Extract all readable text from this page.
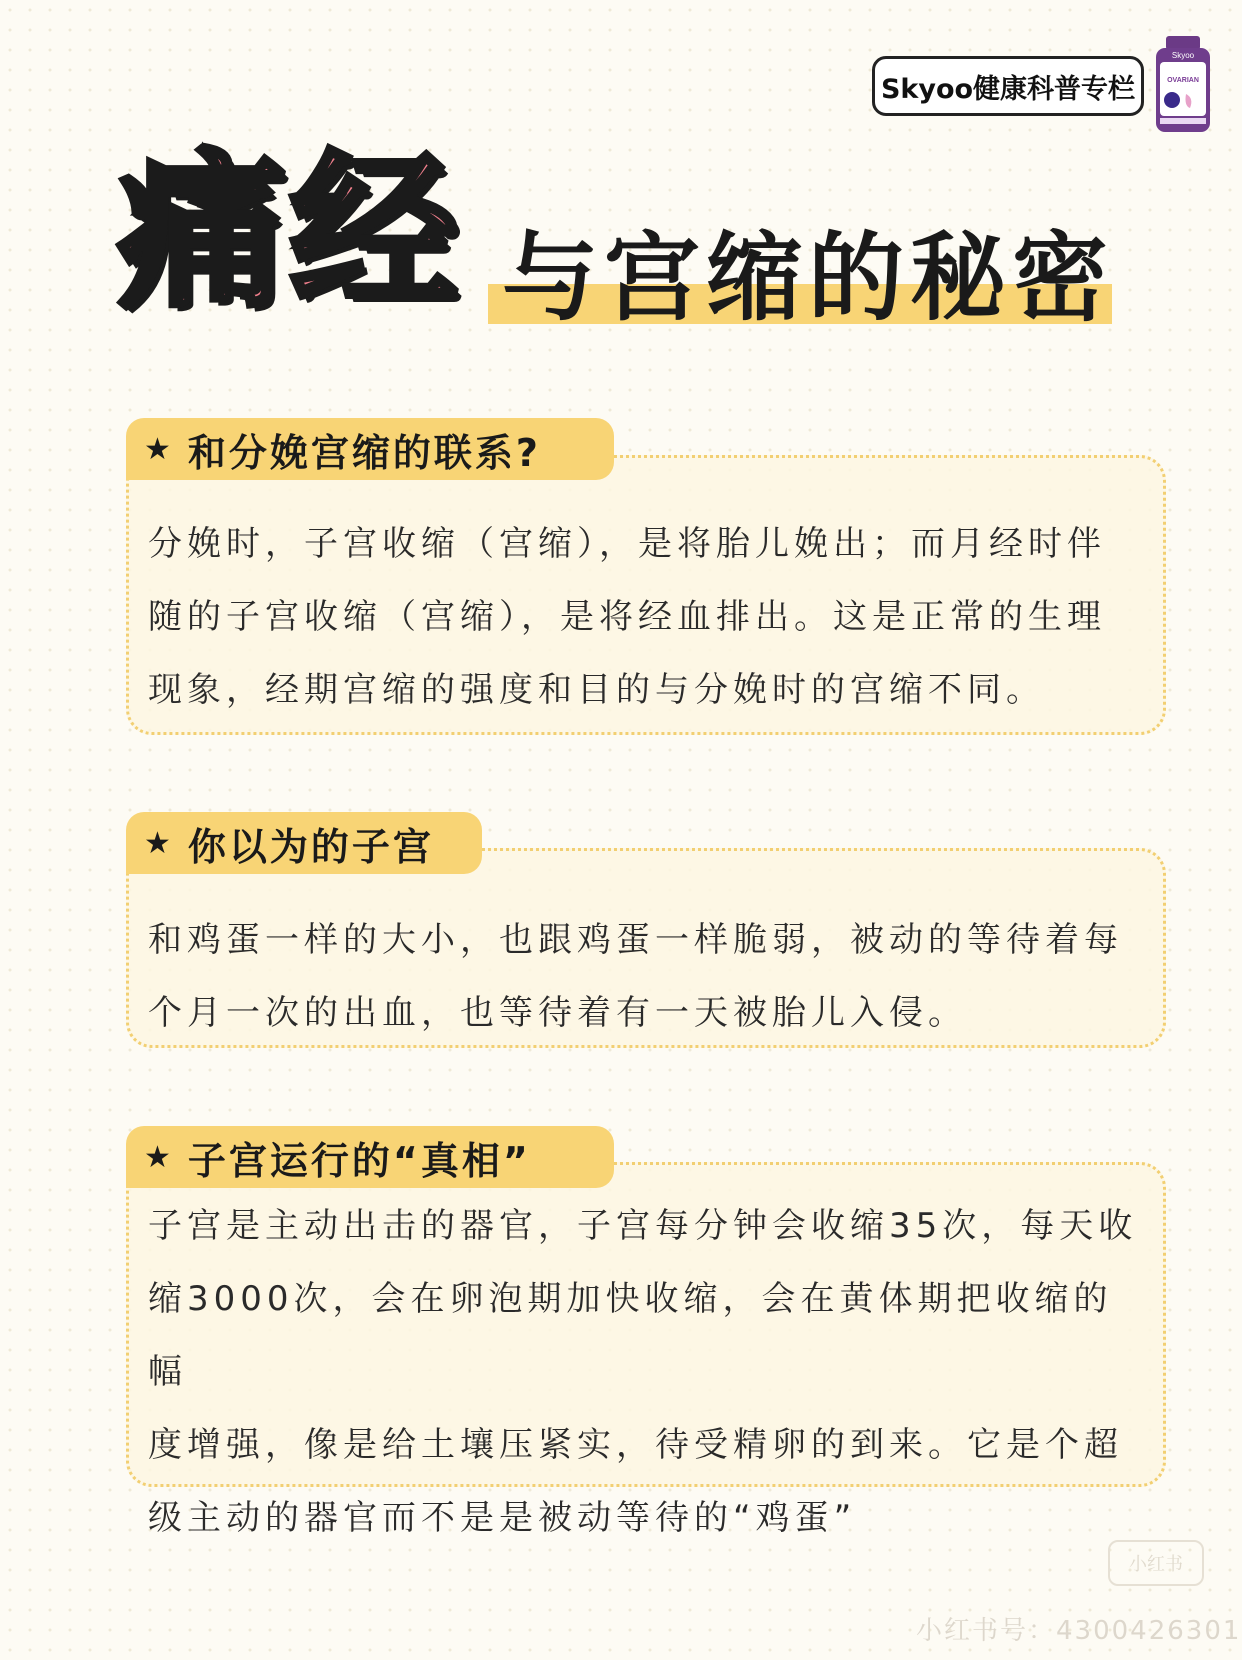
Skyoo健康科普专栏
Skyoo
OVARIAN
痛经 与宫缩的秘密
★ 和分娩宫缩的联系?
分娩时，子宫收缩（宫缩），是将胎儿娩出；而月经时伴
随的子宫收缩（宫缩），是将经血排出。这是正常的生理
现象，经期宫缩的强度和目的与分娩时的宫缩不同。
★ 你以为的子宫
和鸡蛋一样的大小，也跟鸡蛋一样脆弱，被动的等待着每
个月一次的出血，也等待着有一天被胎儿入侵。
★ 子宫运行的“真相”
子宫是主动出击的器官，子宫每分钟会收缩35次，每天收
缩3000次，会在卵泡期加快收缩，会在黄体期把收缩的幅
度增强，像是给土壤压紧实，待受精卵的到来。它是个超
级主动的器官而不是是被动等待的“鸡蛋”
小红书
小红书号：4300426301
